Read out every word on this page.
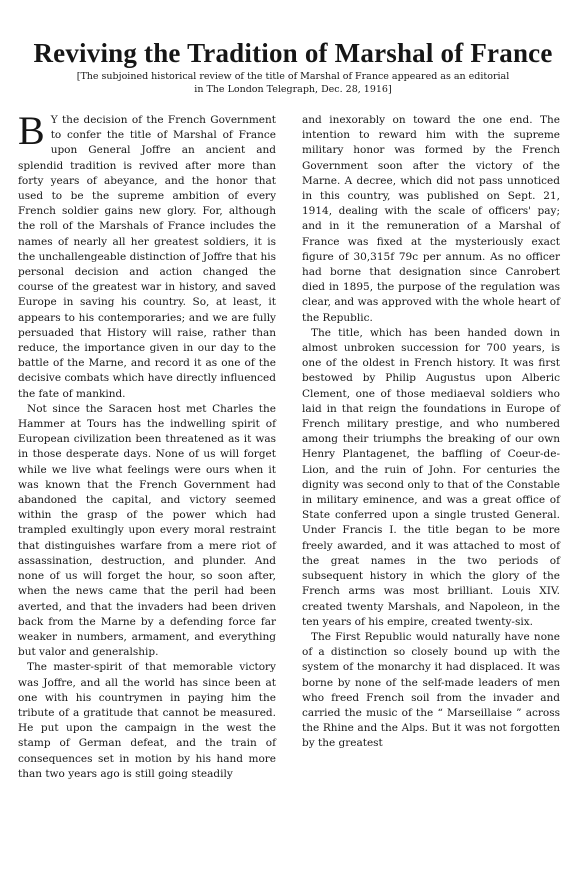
Reviving the Tradition of Marshal of France

[The subjoined historical review of the title of Marshal of France appeared as an editorial
in The London Telegraph, Dec. 28, 1916]

B Y the decision of the French Government to confer the title of Marshal of France upon General Joffre an ancient and splendid tradition is revived after more than forty years of abeyance, and the honor that used to be the supreme ambition of every French soldier gains new glory. For, although the roll of the Marshals of France includes the names of nearly all her greatest soldiers, it is the unchallengeable distinction of Joffre that his personal decision and action changed the course of the greatest war in history, and saved Europe in saving his country. So, at least, it appears to his contemporaries; and we are fully persuaded that History will raise, rather than reduce, the importance given in our day to the battle of the Marne, and record it as one of the decisive combats which have directly influenced the fate of mankind.

Not since the Saracen host met Charles the Hammer at Tours has the indwelling spirit of European civilization been threatened as it was in those desperate days. None of us will forget while we live what feelings were ours when it was known that the French Government had abandoned the capital, and victory seemed within the grasp of the power which had trampled exultingly upon every moral restraint that distinguishes warfare from a mere riot of assassination, destruction, and plunder. And none of us will forget the hour, so soon after, when the news came that the peril had been averted, and that the invaders had been driven back from the Marne by a defending force far weaker in numbers, armament, and everything but valor and generalship.

The master-spirit of that memorable victory was Joffre, and all the world has since been at one with his countrymen in paying him the tribute of a gratitude that cannot be measured. He put upon the campaign in the west the stamp of German defeat, and the train of consequences set in motion by his hand more than two years ago is still going steadily

and inexorably on toward the one end. The intention to reward him with the supreme military honor was formed by the French Government soon after the victory of the Marne. A decree, which did not pass unnoticed in this country, was published on Sept. 21, 1914, dealing with the scale of officers' pay; and in it the remuneration of a Marshal of France was fixed at the mysteriously exact figure of 30,315f 79c per annum. As no officer had borne that designation since Canrobert died in 1895, the purpose of the regulation was clear, and was approved with the whole heart of the Republic.

The title, which has been handed down in almost unbroken succession for 700 years, is one of the oldest in French history. It was first bestowed by Philip Augustus upon Alberic Clement, one of those mediaeval soldiers who laid in that reign the foundations in Europe of French military prestige, and who numbered among their triumphs the breaking of our own Henry Plantagenet, the baffling of Coeur-de-Lion, and the ruin of John. For centuries the dignity was second only to that of the Constable in military eminence, and was a great office of State conferred upon a single trusted General. Under Francis I. the title began to be more freely awarded, and it was attached to most of the great names in the two periods of subsequent history in which the glory of the French arms was most brilliant. Louis XIV. created twenty Marshals, and Napoleon, in the ten years of his empire, created twenty-six.

The First Republic would naturally have none of a distinction so closely bound up with the system of the monarchy it had displaced. It was borne by none of the self-made leaders of men who freed French soil from the invader and carried the music of the “ Marseillaise ” across the Rhine and the Alps. But it was not forgotten by the greatest
